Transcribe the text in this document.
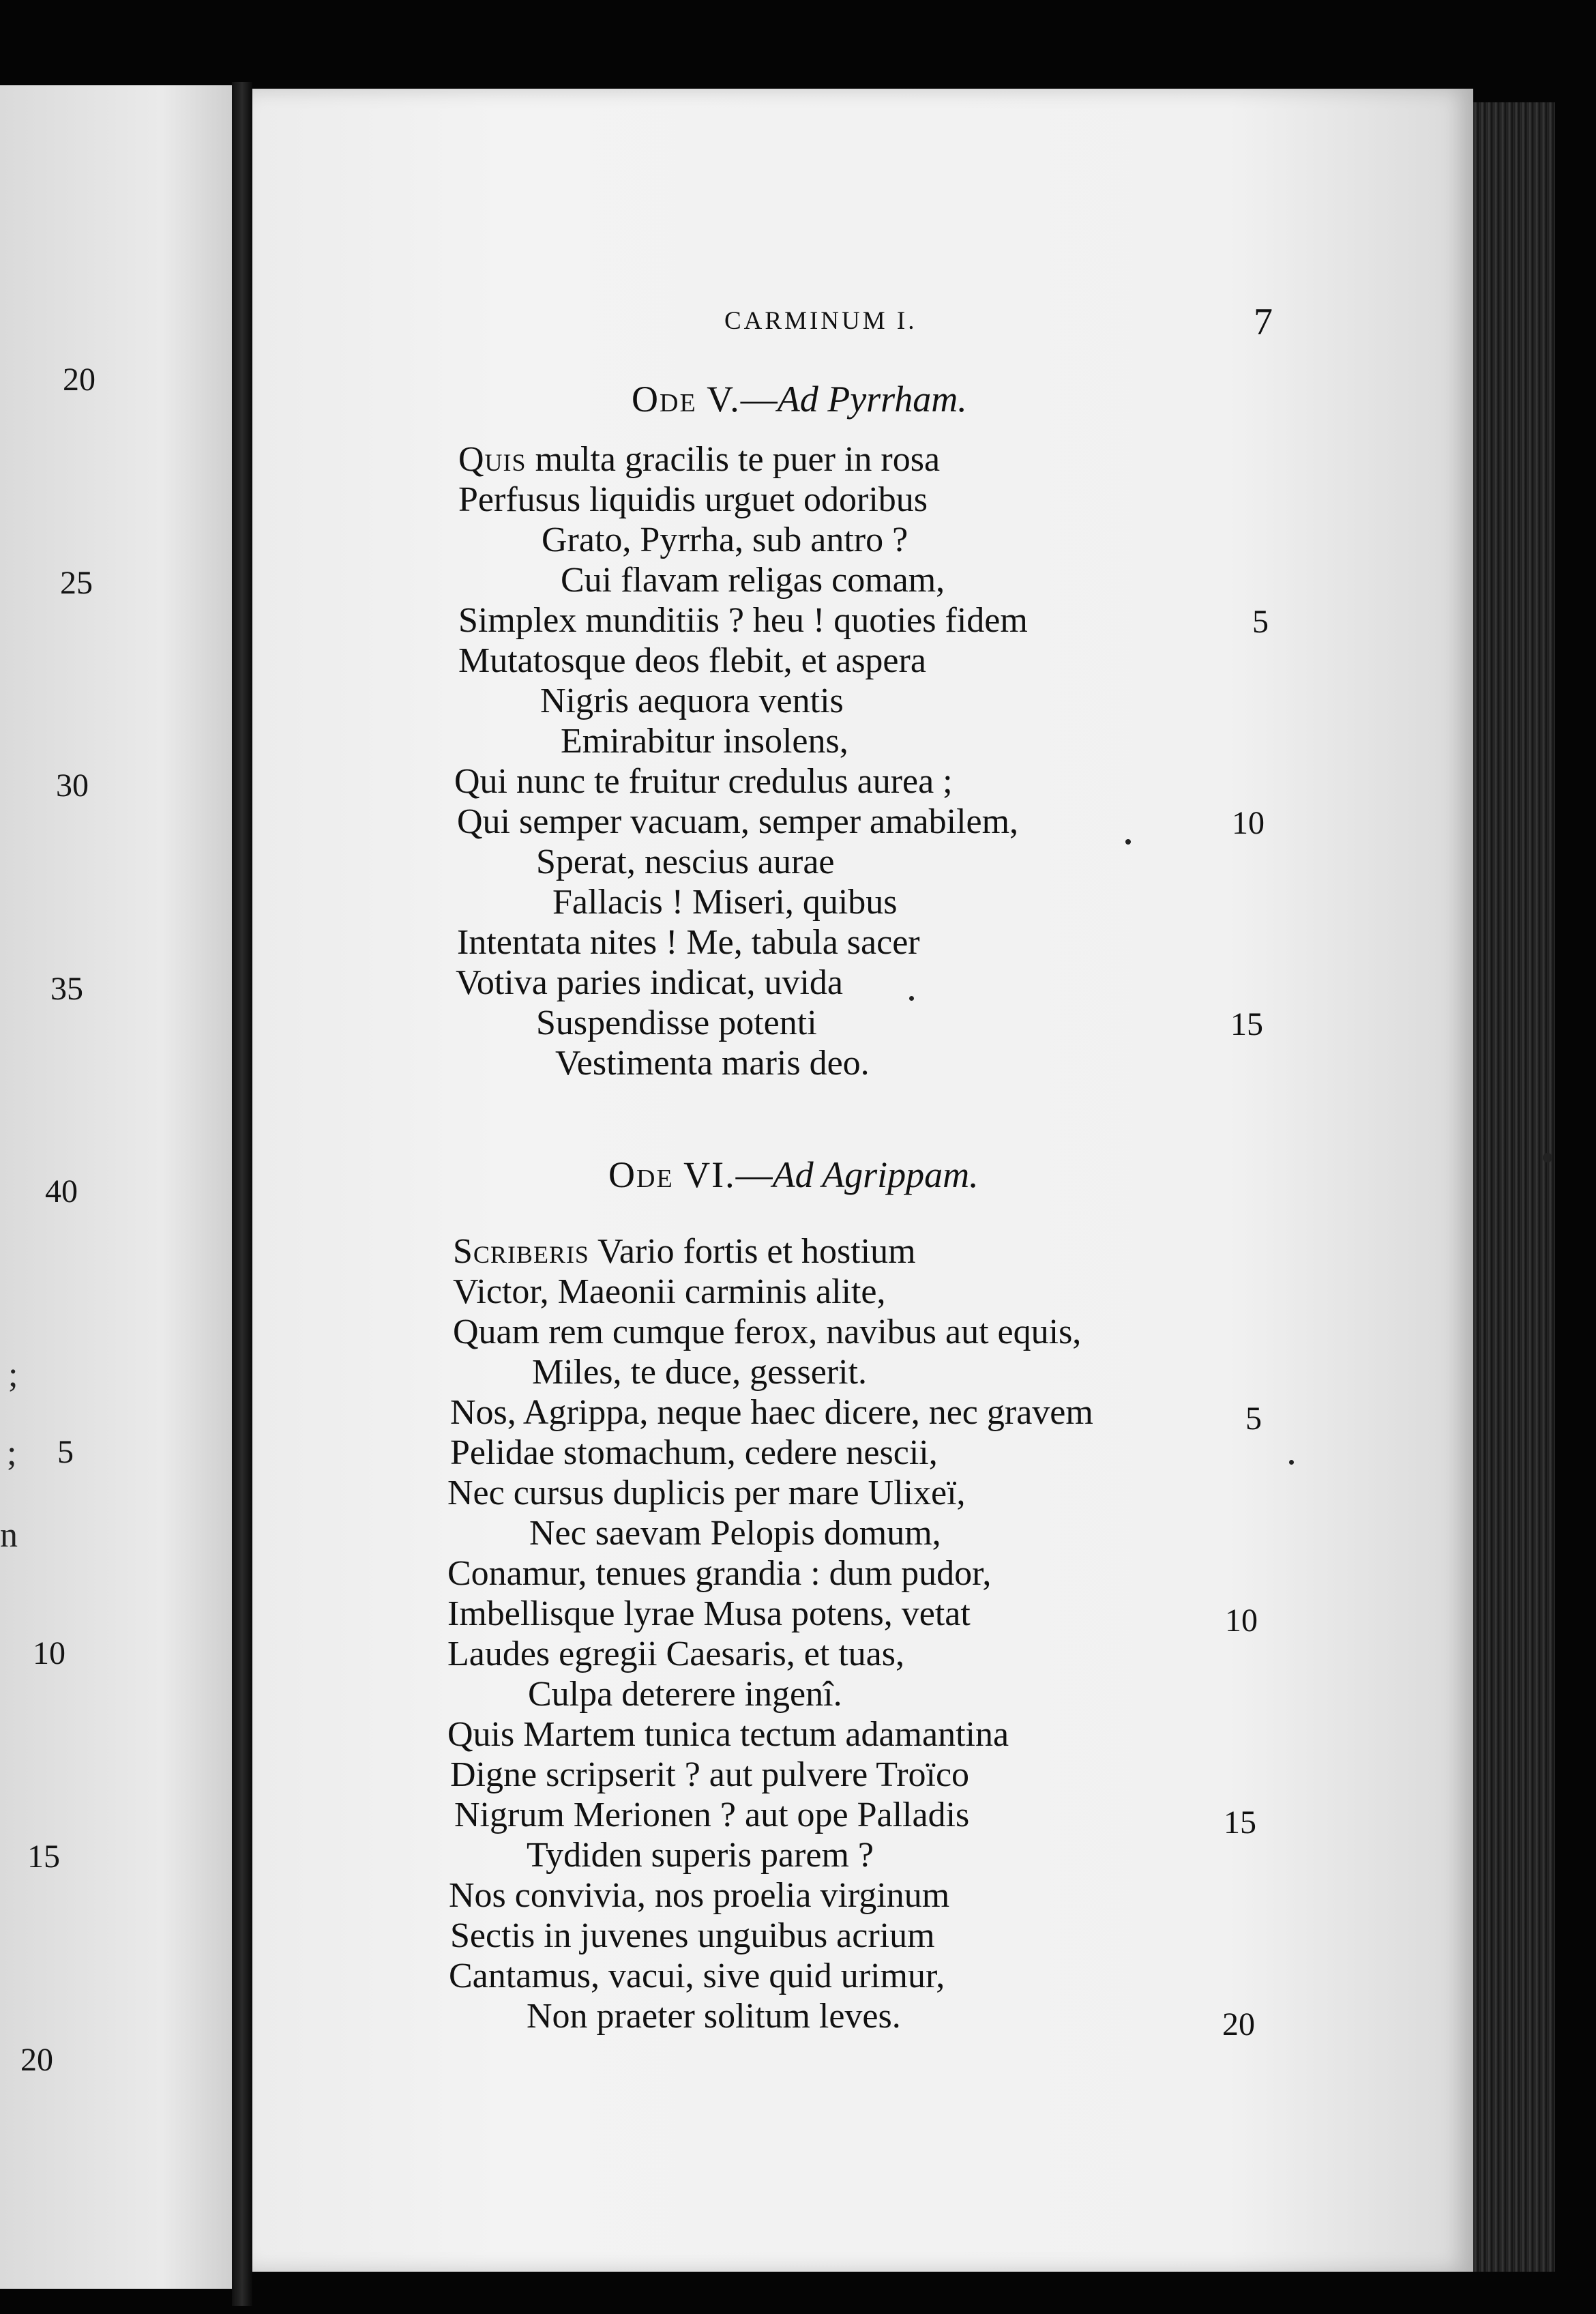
20
25
30
35
40
5
10
15
20
;
;
n
CARMINUM I.	7
Ode V.—Ad Pyrrham.
Quis multa gracilis te puer in rosa
Perfusus liquidis urguet odoribus
Grato, Pyrrha, sub antro ?
Cui flavam religas comam,
Simplex munditiis ? heu ! quoties fidem
Mutatosque deos flebit, et aspera
Nigris aequora ventis
Emirabitur insolens,
Qui nunc te fruitur credulus aurea ;
Qui semper vacuam, semper amabilem,
Sperat, nescius aurae
Fallacis ! Miseri, quibus
Intentata nites ! Me, tabula sacer
Votiva paries indicat, uvida
Suspendisse potenti
Vestimenta maris deo.
5
10
15
Ode VI.—Ad Agrippam.
Scriberis Vario fortis et hostium
Victor, Maeonii carminis alite,
Quam rem cumque ferox, navibus aut equis,
Miles, te duce, gesserit.
Nos, Agrippa, neque haec dicere, nec gravem
Pelidae stomachum, cedere nescii,
Nec cursus duplicis per mare Ulixeï,
Nec saevam Pelopis domum,
Conamur, tenues grandia : dum pudor,
Imbellisque lyrae Musa potens, vetat
Laudes egregii Caesaris, et tuas,
Culpa deterere ingenî.
Quis Martem tunica tectum adamantina
Digne scripserit ? aut pulvere Troïco
Nigrum Merionen ? aut ope Palladis
Tydiden superis parem ?
Nos convivia, nos proelia virginum
Sectis in juvenes unguibus acrium
Cantamus, vacui, sive quid urimur,
Non praeter solitum leves.
5
10
15
20
